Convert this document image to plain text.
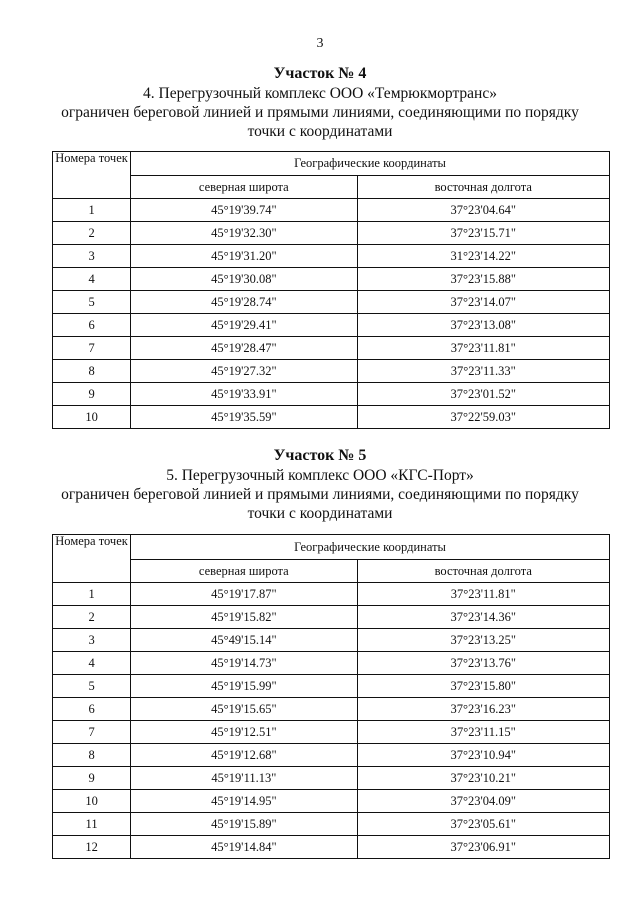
3
Участок № 4
4. Перегрузочный комплекс ООО «Темрюкмортранс»
ограничен береговой линией и прямыми линиями, соединяющими по порядку
точки с координатами
Номера точек	Географические координаты	
	северная широта	восточная долгота
1	45°19'39.74"	37°23'04.64"
2	45°19'32.30"	37°23'15.71"
3	45°19'31.20"	31°23'14.22"
4	45°19'30.08"	37°23'15.88"
5	45°19'28.74"	37°23'14.07"
6	45°19'29.41"	37°23'13.08"
7	45°19'28.47"	37°23'11.81"
8	45°19'27.32"	37°23'11.33"
9	45°19'33.91"	37°23'01.52"
10	45°19'35.59"	37°22'59.03"
Участок № 5
5. Перегрузочный комплекс ООО «КГС-Порт»
ограничен береговой линией и прямыми линиями, соединяющими по порядку
точки с координатами
Номера точек	Географические координаты	
	северная широта	восточная долгота
1	45°19'17.87"	37°23'11.81"
2	45°19'15.82"	37°23'14.36"
3	45°49'15.14"	37°23'13.25"
4	45°19'14.73"	37°23'13.76"
5	45°19'15.99"	37°23'15.80"
6	45°19'15.65"	37°23'16.23"
7	45°19'12.51"	37°23'11.15"
8	45°19'12.68"	37°23'10.94"
9	45°19'11.13"	37°23'10.21"
10	45°19'14.95"	37°23'04.09"
11	45°19'15.89"	37°23'05.61"
12	45°19'14.84"	37°23'06.91"
